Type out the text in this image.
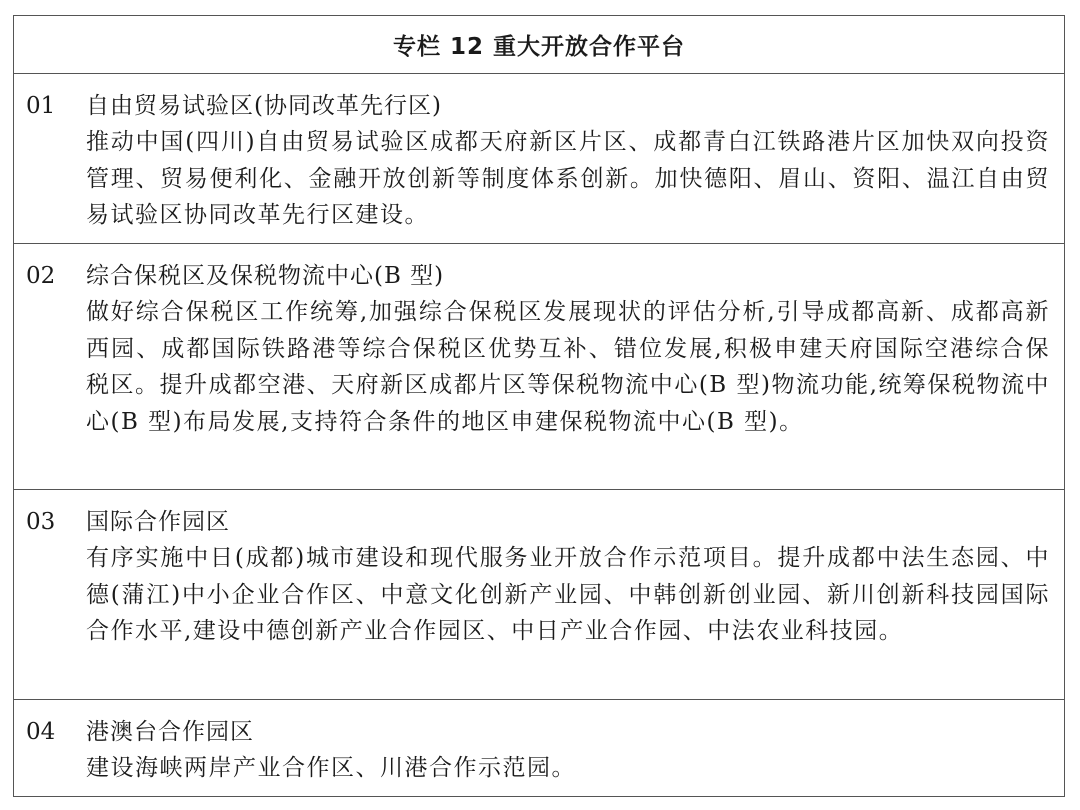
专栏 12 重大开放合作平台
01 自由贸易试验区(协同改革先行区)

推动中国(四川)自由贸易试验区成都天府新区片区、成都青白江铁路港片区加快双向投资管理、贸易便利化、金融开放创新等制度体系创新。加快德阳、眉山、资阳、温江自由贸易试验区协同改革先行区建设。

02 综合保税区及保税物流中心(B 型)

做好综合保税区工作统筹,加强综合保税区发展现状的评估分析,引导成都高新、成都高新西园、成都国际铁路港等综合保税区优势互补、错位发展,积极申建天府国际空港综合保税区。提升成都空港、天府新区成都片区等保税物流中心(B 型)物流功能,统筹保税物流中心(B 型)布局发展,支持符合条件的地区申建保税物流中心(B 型)。

03 国际合作园区

有序实施中日(成都)城市建设和现代服务业开放合作示范项目。提升成都中法生态园、中德(蒲江)中小企业合作区、中意文化创新产业园、中韩创新创业园、新川创新科技园国际合作水平,建设中德创新产业合作园区、中日产业合作园、中法农业科技园。

04 港澳台合作园区

建设海峡两岸产业合作区、川港合作示范园。
